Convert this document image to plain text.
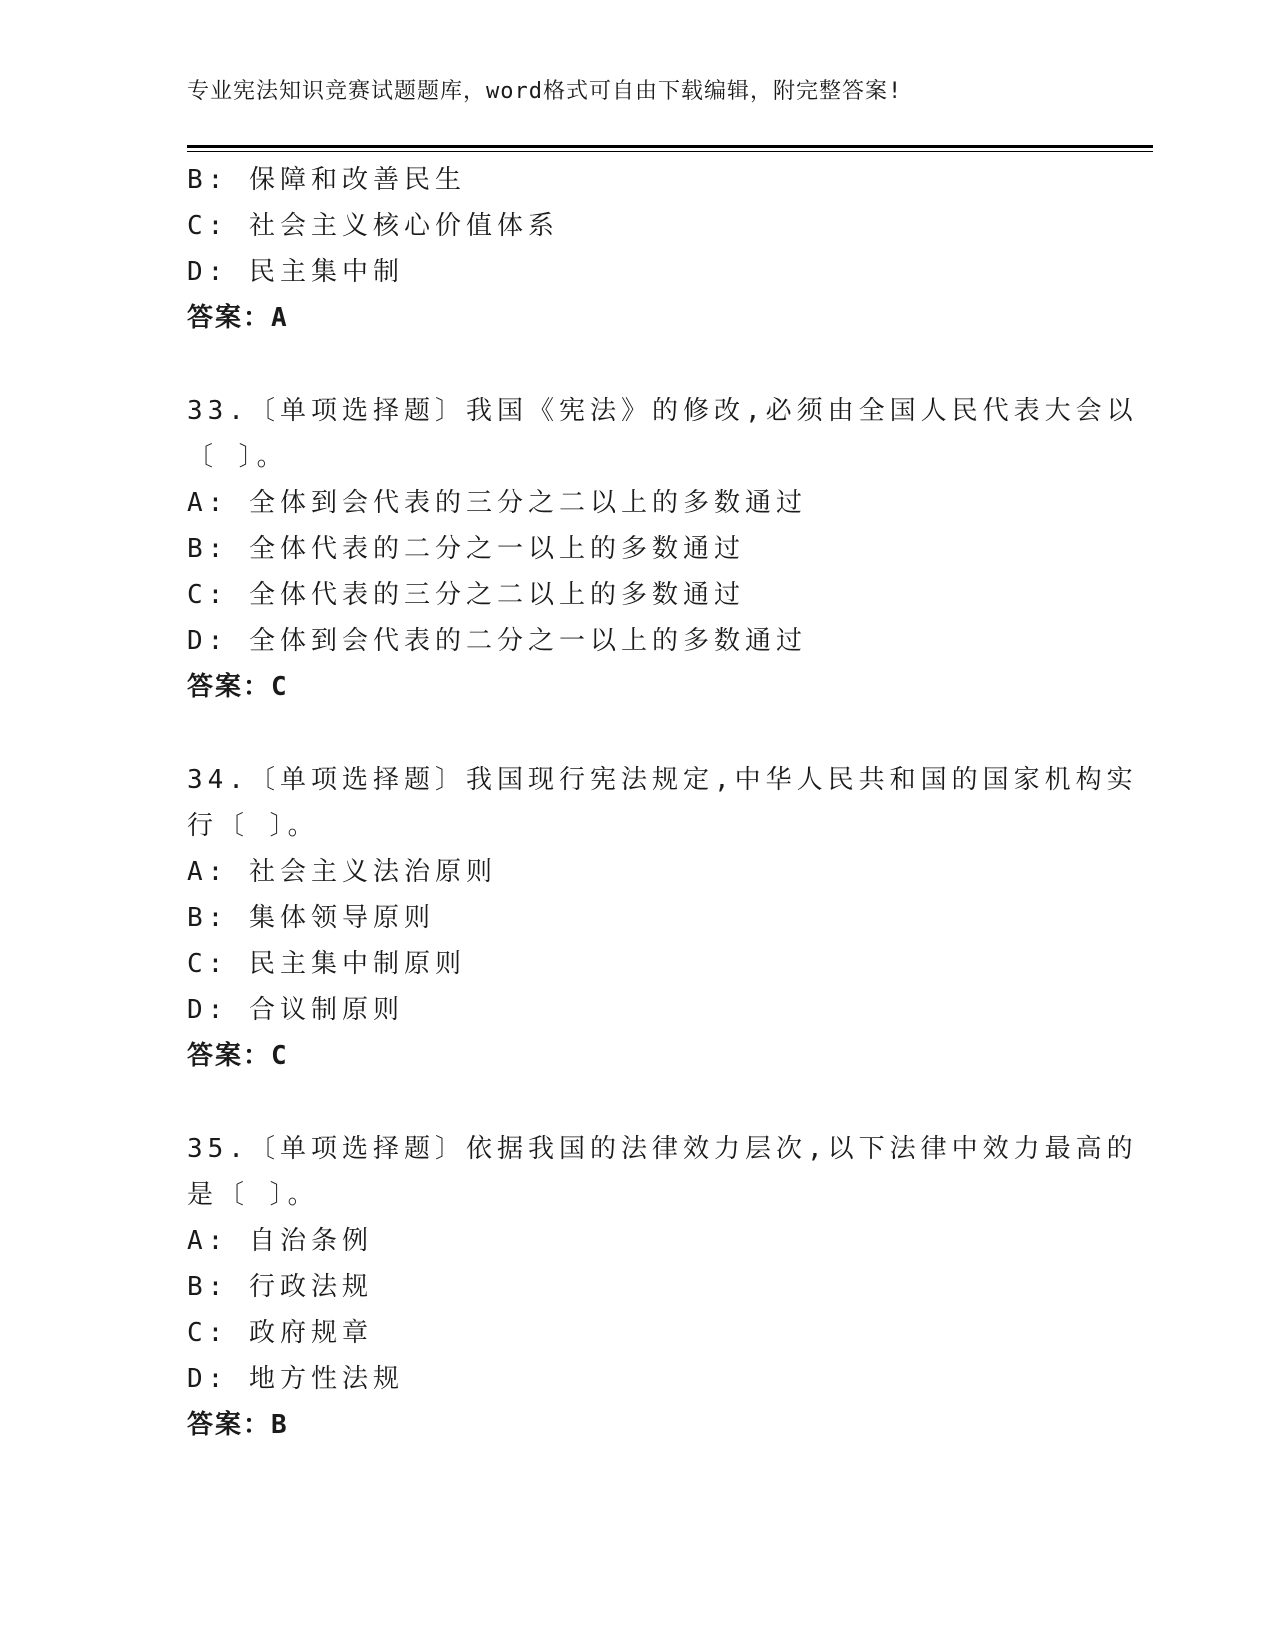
专业宪法知识竞赛试题题库，word格式可自由下载编辑，附完整答案!
B: 保障和改善民生
C: 社会主义核心价值体系
D: 民主集中制
答案：A
33.〔单项选择题〕我国《宪法》的修改,必须由全国人民代表大会以
〔 〕。
A: 全体到会代表的三分之二以上的多数通过
B: 全体代表的二分之一以上的多数通过
C: 全体代表的三分之二以上的多数通过
D: 全体到会代表的二分之一以上的多数通过
答案：C
34.〔单项选择题〕我国现行宪法规定,中华人民共和国的国家机构实
行〔 〕。
A: 社会主义法治原则
B: 集体领导原则
C: 民主集中制原则
D: 合议制原则
答案：C
35.〔单项选择题〕依据我国的法律效力层次,以下法律中效力最高的
是〔 〕。
A: 自治条例
B: 行政法规
C: 政府规章
D: 地方性法规
答案：B
